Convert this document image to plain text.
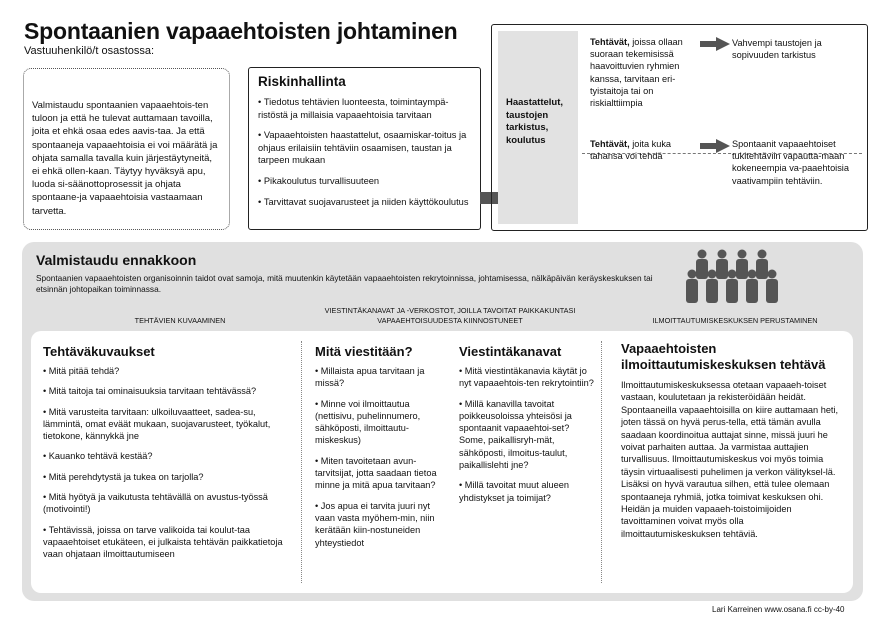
Spontaanien vapaaehtoisten johtaminen
Vastuuhenkilö/t osastossa:
Valmistaudu spontaanien vapaaehtois-ten tuloon ja että he tulevat auttamaan tavoilla, joita et ehkä osaa edes aavis-taa. Ja että spontaaneja vapaaehtoisia ei voi määrätä ja ohjata samalla tavalla kuin järjestäytyneitä, ei ehkä ollen-kaan. Täytyy hyväksyä apu, luoda si-säänottoprosessit ja ohjata spontaane-ja vapaaehtoisia vastaamaan tarvetta.
Riskinhallinta
• Tiedotus tehtävien luonteesta, toimintaympä-ristöstä ja millaisia vapaaehtoisia tarvitaan
• Vapaaehtoisten haastattelut, osaamiskar-toitus ja ohjaus erilaisiin tehtäviin osaamisen, taustan ja tarpeen mukaan
• Pikakoulutus turvallisuuteen
• Tarvittavat suojavarusteet ja niiden käyttökoulutus
Haastattelut, taustojen tarkistus, koulutus
Tehtävät, joissa ollaan suoraan tekemisissä haavoittuvien ryhmien kanssa, tarvitaan eri-tyistaitoja tai on riskialttiimpia
Vahvempi taustojen ja sopivuuden tarkistus
Tehtävät, joita kuka tahansa voi tehdä
Spontaanit vapaaehtoiset tukitehtäviin vapautta-maan kokeneempia va-paaehtoisia vaativampiin tehtäviin.
Valmistaudu ennakkoon
Spontaanien vapaaehtoisten organisoinnin taidot ovat samoja, mitä muutenkin käytetään vapaaehtoisten rekrytoinnissa, johtamisessa, nälkäpäivän keräyskeskuksen tai etsinnän johtopaikan toiminnassa.
TEHTÄVIEN KUVAAMINEN
VIESTINTÄKANAVAT JA -VERKOSTOT, JOILLA TAVOITAT PAIKKAKUNTASI VAPAAEHTOISUUDESTA KIINNOSTUNEET	ILMOITTAUTUMISKESKUKSEN PERUSTAMINEN
Tehtäväkuvaukset
• Mitä pitää tehdä?
• Mitä taitoja tai ominaisuuksia tarvitaan tehtävässä?
• Mitä varusteita tarvitaan: ulkoiluvaatteet, sadea-su, lämmintä, omat eväät mukaan, suojavarusteet, työkalut, tietokone, kännykkä jne
• Kauanko tehtävä kestää?
• Mitä perehdytystä ja tukea on tarjolla?
• Mitä hyötyä ja vaikutusta tehtävällä on avustus-työssä (motivointi!)
• Tehtävissä, joissa on tarve valikoida tai koulut-taa vapaaehtoiset etukäteen, ei julkaista tehtävän paikkatietoja vaan ohjataan ilmoittautumiseen
Mitä viestitään?
• Millaista apua tarvitaan ja missä?
• Minne voi ilmoittautua (nettisivu, puhelinnumero, sähköposti, ilmoittautu-miskeskus)
• Miten tavoitetaan avun-tarvitsijat, jotta saadaan tietoa minne ja mitä apua tarvitaan?
• Jos apua ei tarvita juuri nyt vaan vasta myöhem-min, niin kerätään kiin-nostuneiden yhteystiedot
Viestintäkanavat
• Mitä viestintäkanavia käytät jo nyt vapaaehtois-ten rekrytointiin?
• Millä kanavilla tavoitat poikkeusoloissa yhteisösi ja spontaanit vapaaehtoi-set? Some, paikallisryh-mät, sähköposti, ilmoitus-taulut, paikallislehti jne?
• Millä tavoitat muut alueen yhdistykset ja toimijat?
Vapaaehtoisten ilmoittautumiskeskuksen tehtävä
Ilmoittautumiskeskuksessa otetaan vapaaeh-toiset vastaan, koulutetaan ja rekisteröidään heidät. Spontaaneilla vapaaehtoisilla on kiire auttamaan heti, joten tässä on hyvä perus-tella, että tämän avulla saadaan koordinoitua auttajat sinne, missä juuri he voivat parhaiten auttaa. Ja varmistaa auttajien turvallisuus. Ilmoittautumiskeskus voi myös toimia täysin virtuaalisesti puhelimen ja verkon välityksel-lä. Lisäksi on hyvä varautua silhen, että tulee olemaan spontaaneja ryhmiä, jotka toimivat keskuksen ohi. Heidän ja muiden vapaaeh-toistoimijoiden tavoittaminen voivat myös olla ilmoittautumiskeskuksen tehtäviä.
Lari Karreinen www.osana.fi cc-by-40
